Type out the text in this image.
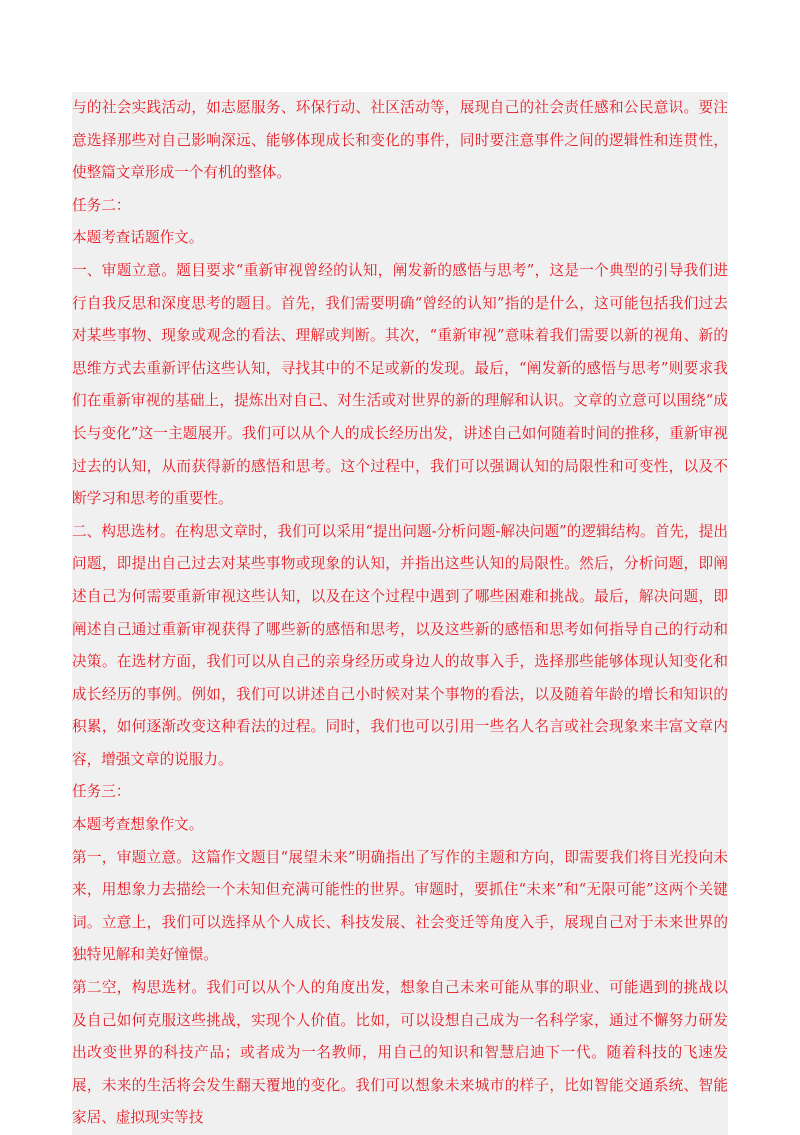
与的社会实践活动，如志愿服务、环保行动、社区活动等，展现自己的社会责任感和公民意识。要注意选择那些对自己影响深远、能够体现成长和变化的事件，同时要注意事件之间的逻辑性和连贯性，使整篇文章形成一个有机的整体。

任务二：

本题考查话题作文。

一、审题立意。题目要求“重新审视曾经的认知，阐发新的感悟与思考”，这是一个典型的引导我们进行自我反思和深度思考的题目。首先，我们需要明确“曾经的认知”指的是什么，这可能包括我们过去对某些事物、现象或观念的看法、理解或判断。其次，“重新审视”意味着我们需要以新的视角、新的思维方式去重新评估这些认知，寻找其中的不足或新的发现。最后，“阐发新的感悟与思考”则要求我们在重新审视的基础上，提炼出对自己、对生活或对世界的新的理解和认识。文章的立意可以围绕“成长与变化”这一主题展开。我们可以从个人的成长经历出发，讲述自己如何随着时间的推移，重新审视过去的认知，从而获得新的感悟和思考。这个过程中，我们可以强调认知的局限性和可变性，以及不断学习和思考的重要性。

二、构思选材。在构思文章时，我们可以采用“提出问题-分析问题-解决问题”的逻辑结构。首先，提出问题，即提出自己过去对某些事物或现象的认知，并指出这些认知的局限性。然后，分析问题，即阐述自己为何需要重新审视这些认知，以及在这个过程中遇到了哪些困难和挑战。最后，解决问题，即阐述自己通过重新审视获得了哪些新的感悟和思考，以及这些新的感悟和思考如何指导自己的行动和决策。在选材方面，我们可以从自己的亲身经历或身边人的故事入手，选择那些能够体现认知变化和成长经历的事例。例如，我们可以讲述自己小时候对某个事物的看法，以及随着年龄的增长和知识的积累，如何逐渐改变这种看法的过程。同时，我们也可以引用一些名人名言或社会现象来丰富文章内容，增强文章的说服力。

任务三：

本题考查想象作文。

第一，审题立意。这篇作文题目“展望未来”明确指出了写作的主题和方向，即需要我们将目光投向未来，用想象力去描绘一个未知但充满可能性的世界。审题时，要抓住“未来”和“无限可能”这两个关键词。立意上，我们可以选择从个人成长、科技发展、社会变迁等角度入手，展现自己对于未来世界的独特见解和美好憧憬。

第二空，构思选材。我们可以从个人的角度出发，想象自己未来可能从事的职业、可能遇到的挑战以及自己如何克服这些挑战，实现个人价值。比如，可以设想自己成为一名科学家，通过不懈努力研发出改变世界的科技产品；或者成为一名教师，用自己的知识和智慧启迪下一代。随着科技的飞速发展，未来的生活将会发生翻天覆地的变化。我们可以想象未来城市的样子，比如智能交通系统、智能家居、虚拟现实等技
